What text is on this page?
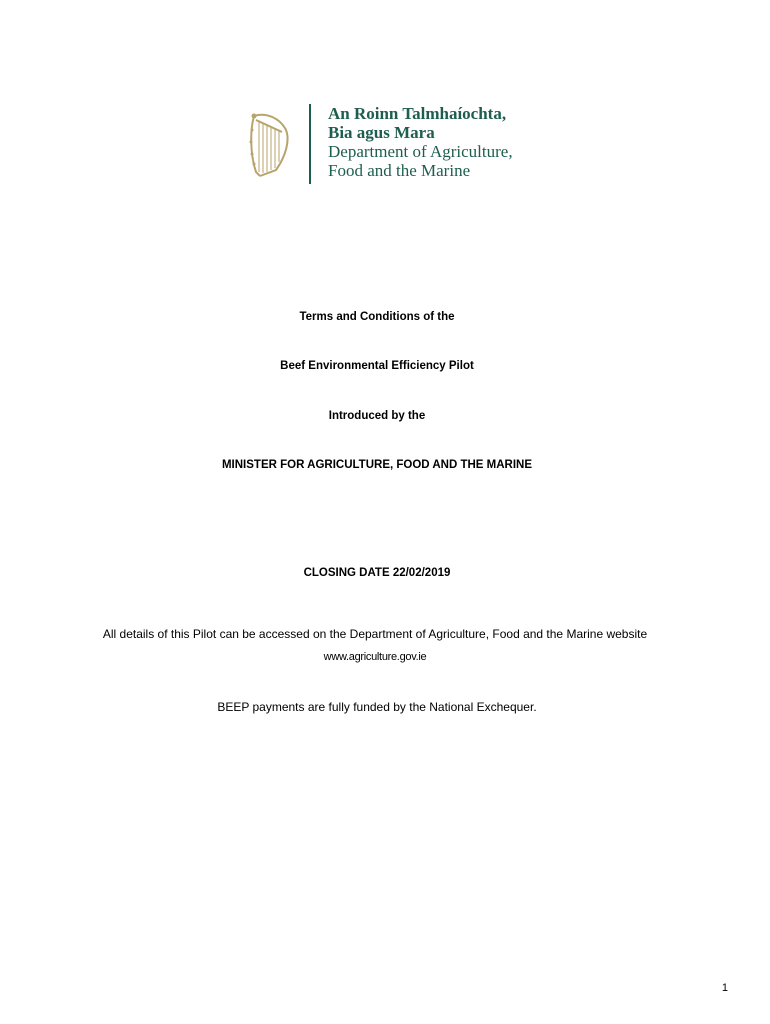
An Roinn Talmhaíochta,
Bia agus Mara
Department of Agriculture,
Food and the Marine
Terms and Conditions of the
Beef Environmental Efficiency Pilot
Introduced by the
MINISTER FOR AGRICULTURE, FOOD AND THE MARINE
CLOSING DATE 22/02/2019
All details of this Pilot can be accessed on the Department of Agriculture, Food and the Marine website
www.agriculture.gov.ie
BEEP payments are fully funded by the National Exchequer.
1
